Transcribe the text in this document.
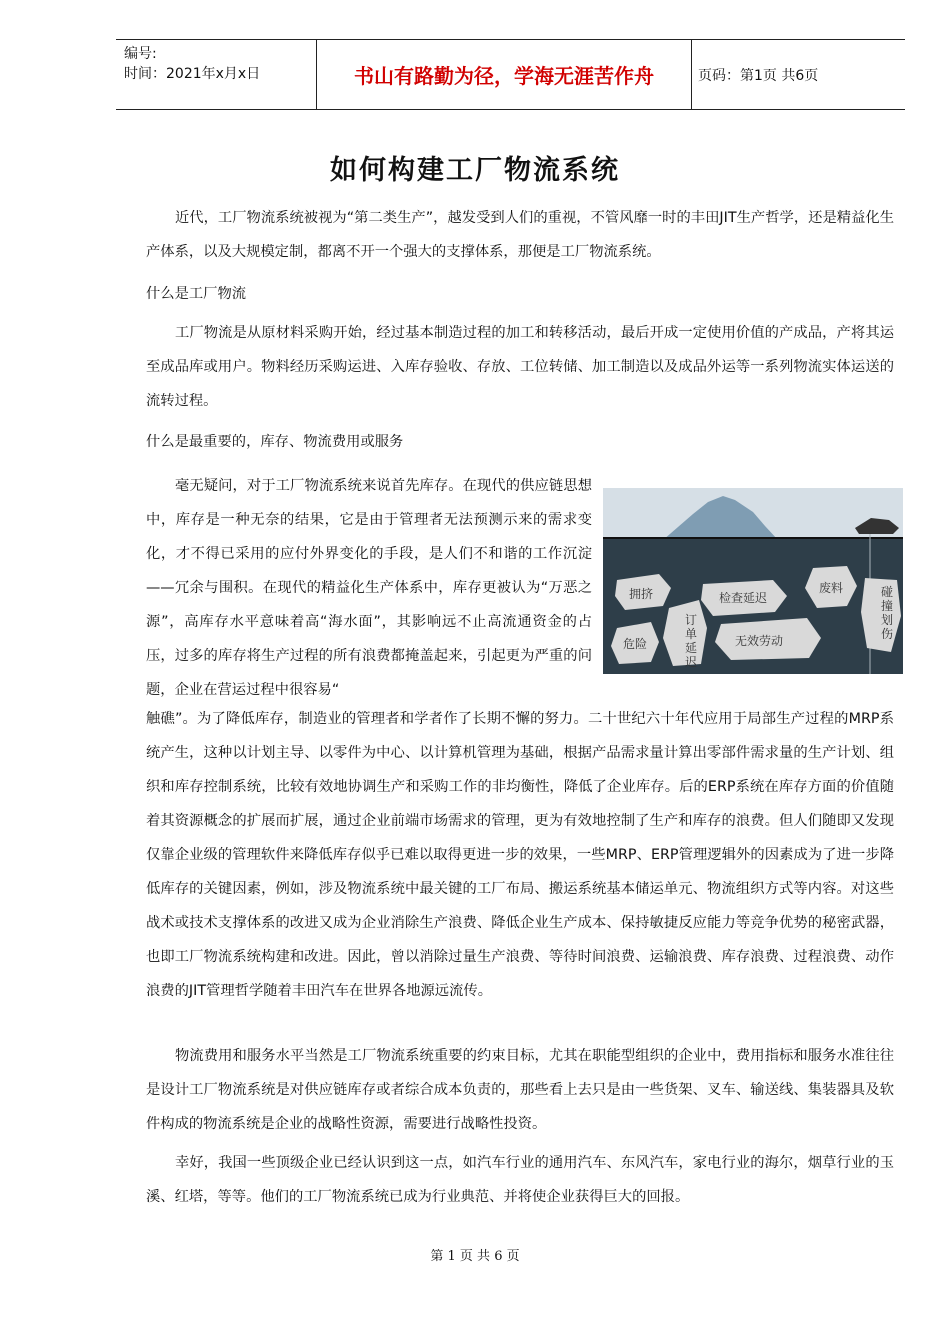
编号:
时间：2021年x月x日	书山有路勤为径，学海无涯苦作舟	页码：第1页 共6页
如何构建工厂物流系统
近代，工厂物流系统被视为“第二类生产”，越发受到人们的重视，不管风靡一时的丰田JIT生产哲学，还是精益化生产体系，以及大规模定制，都离不开一个强大的支撑体系，那便是工厂物流系统。
什么是工厂物流
工厂物流是从原材料采购开始，经过基本制造过程的加工和转移活动，最后开成一定使用价值的产成品，产将其运至成品库或用户。物料经历采购运进、入库存验收、存放、工位转储、加工制造以及成品外运等一系列物流实体运送的流转过程。
什么是最重要的，库存、物流费用或服务
毫无疑问，对于工厂物流系统来说首先库存。在现代的供应链思想中，库存是一种无奈的结果，它是由于管理者无法预测示来的需求变化，才不得已采用的应付外界变化的手段，是人们不和谐的工作沉淀——冗余与围积。在现代的精益化生产体系中，库存更被认为“万恶之源”，高库存水平意味着高“海水面”，其影响远不止高流通资金的占压，过多的库存将生产过程的所有浪费都掩盖起来，引起更为严重的问题，企业在营运过程中很容易“
拥挤	检查延迟
废料
无效劳动
危险
碰撞划伤
订单延迟
触礁”。为了降低库存，制造业的管理者和学者作了长期不懈的努力。二十世纪六十年代应用于局部生产过程的MRP系统产生，这种以计划主导、以零件为中心、以计算机管理为基础，根据产品需求量计算出零部件需求量的生产计划、组织和库存控制系统，比较有效地协调生产和采购工作的非均衡性，降低了企业库存。后的ERP系统在库存方面的价值随着其资源概念的扩展而扩展，通过企业前端市场需求的管理，更为有效地控制了生产和库存的浪费。但人们随即又发现仅靠企业级的管理软件来降低库存似乎已难以取得更进一步的效果，一些MRP、ERP管理逻辑外的因素成为了进一步降低库存的关键因素，例如，涉及物流系统中最关键的工厂布局、搬运系统基本储运单元、物流组织方式等内容。对这些战术或技术支撑体系的改进又成为企业消除生产浪费、降低企业生产成本、保持敏捷反应能力等竞争优势的秘密武器，也即工厂物流系统构建和改进。因此，曾以消除过量生产浪费、等待时间浪费、运输浪费、库存浪费、过程浪费、动作浪费的JIT管理哲学随着丰田汽车在世界各地源远流传。
物流费用和服务水平当然是工厂物流系统重要的约束目标，尤其在职能型组织的企业中，费用指标和服务水准往往是设计工厂物流系统是对供应链库存或者综合成本负责的，那些看上去只是由一些货架、叉车、输送线、集装器具及软件构成的物流系统是企业的战略性资源，需要进行战略性投资。
幸好，我国一些顶级企业已经认识到这一点，如汽车行业的通用汽车、东风汽车，家电行业的海尔，烟草行业的玉溪、红塔，等等。他们的工厂物流系统已成为行业典范、并将使企业获得巨大的回报。
第 1 页 共 6 页
